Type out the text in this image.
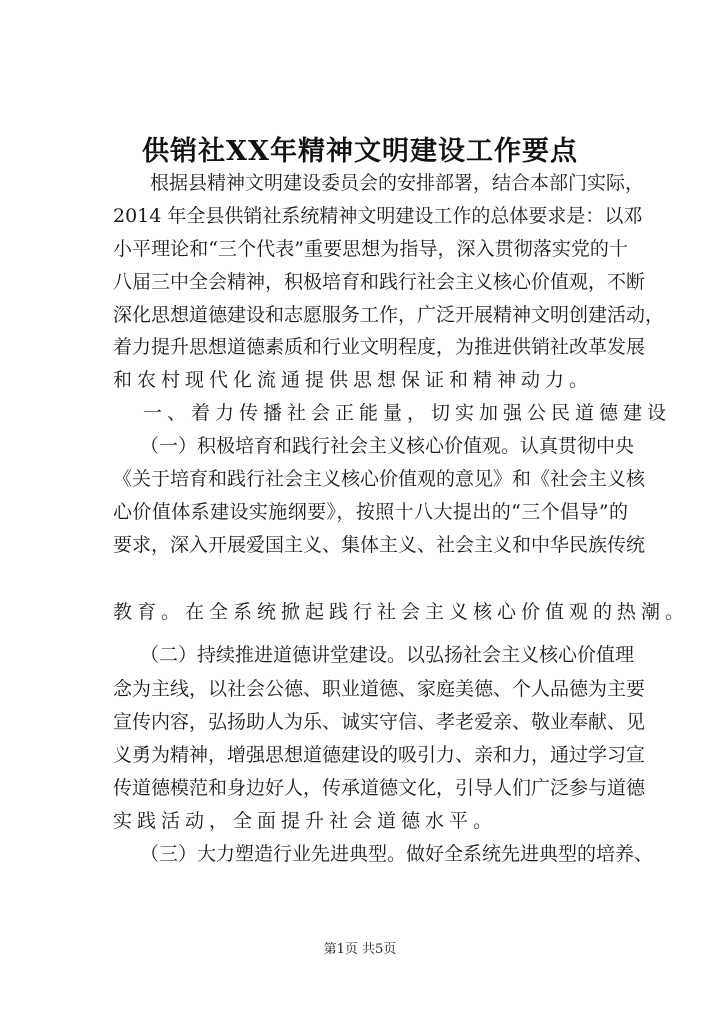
供销社XX年精神文明建设工作要点
根据县精神文明建设委员会的安排部署，结合本部门实际，
2014 年全县供销社系统精神文明建设工作的总体要求是：以邓
小平理论和“三个代表”重要思想为指导，深入贯彻落实党的十
八届三中全会精神，积极培育和践行社会主义核心价值观，不断
深化思想道德建设和志愿服务工作，广泛开展精神文明创建活动，
着力提升思想道德素质和行业文明程度，为推进供销社改革发展
和农村现代化流通提供思想保证和精神动力。
一、着力传播社会正能量，切实加强公民道德建设
（一）积极培育和践行社会主义核心价值观。认真贯彻中央
《关于培育和践行社会主义核心价值观的意见》和《社会主义核
心价值体系建设实施纲要》，按照十八大提出的“三个倡导”的
要求，深入开展爱国主义、集体主义、社会主义和中华民族传统
教育。在全系统掀起践行社会主义核心价值观的热潮。
（二）持续推进道德讲堂建设。以弘扬社会主义核心价值理
念为主线，以社会公德、职业道德、家庭美德、个人品德为主要
宣传内容，弘扬助人为乐、诚实守信、孝老爱亲、敬业奉献、见
义勇为精神，增强思想道德建设的吸引力、亲和力，通过学习宣
传道德模范和身边好人，传承道德文化，引导人们广泛参与道德
实践活动，全面提升社会道德水平。
（三）大力塑造行业先进典型。做好全系统先进典型的培养、
第1页 共5页
